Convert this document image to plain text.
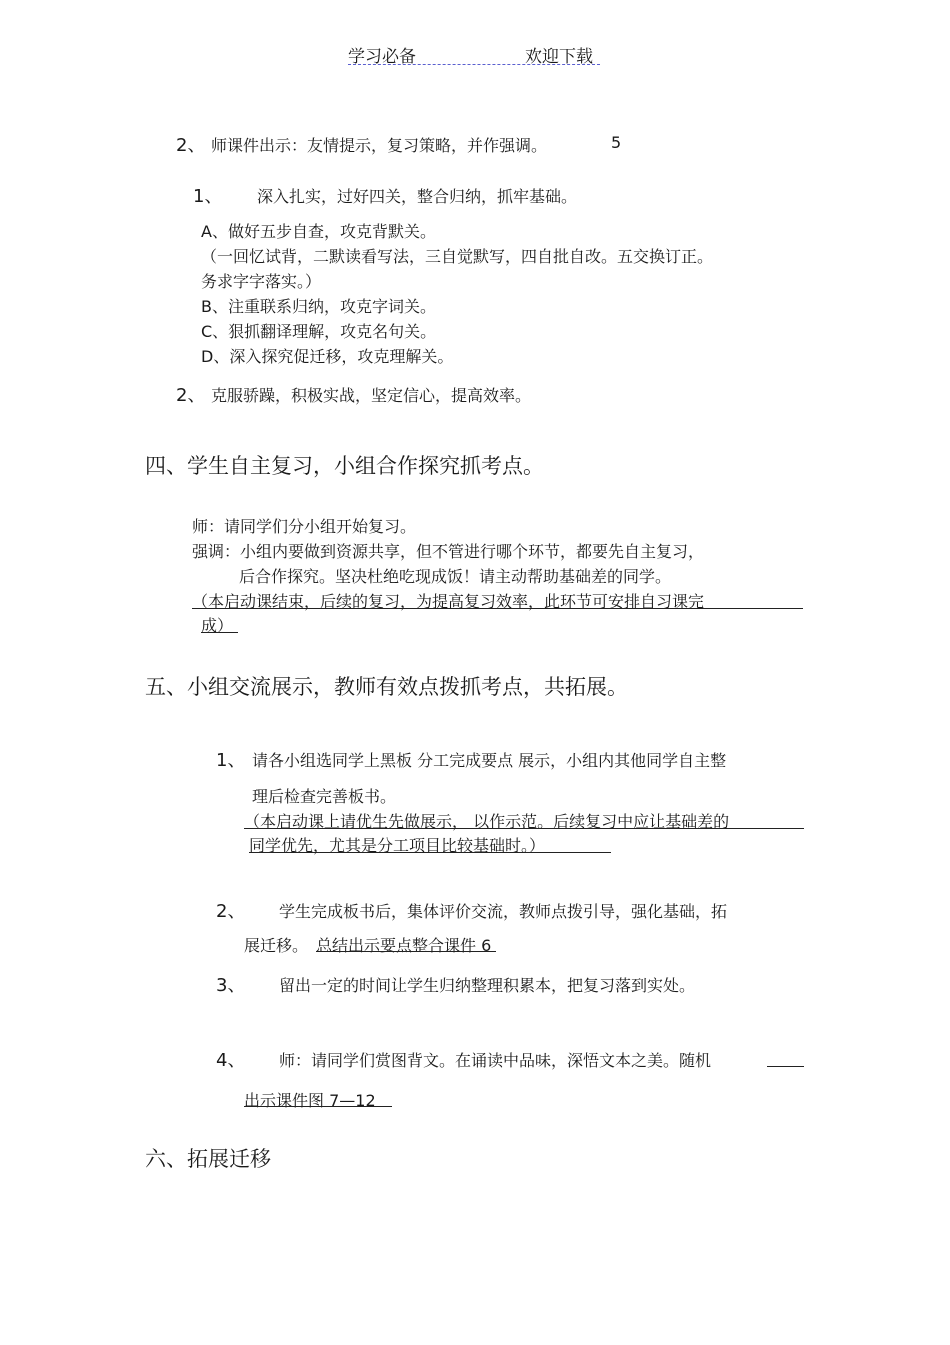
学习必备	欢迎下载
2、 师课件出示：友情提示，复习策略，并作强调。	5
1、 深入扎实，过好四关，整合归纳，抓牢基础。
A、做好五步自查，攻克背默关。
（一回忆试背，二默读看写法，三自觉默写，四自批自改。五交换订正。
务求字字落实。）
B、注重联系归纳，攻克字词关。
C、狠抓翻译理解，攻克名句关。
D、深入探究促迁移，攻克理解关。
2、 克服骄躁，积极实战，坚定信心，提高效率。
四、学生自主复习，小组合作探究抓考点。
师：请同学们分小组开始复习。
强调：小组内要做到资源共享，但不管进行哪个环节，都要先自主复习，
后合作探究。坚决杜绝吃现成饭！请主动帮助基础差的同学。
（本启动课结束，后续的复习，为提高复习效率，此环节可安排自习课完
成）
五、小组交流展示，教师有效点拨抓考点，共拓展。
1、 请各小组选同学上黑板 分工完成要点 展示，小组内其他同学自主整
理后检查完善板书。
（本启动课上请优生先做展示， 以作示范。后续复习中应让基础差的
同学优先，尤其是分工项目比较基础时。）
2、 学生完成板书后，集体评价交流，教师点拨引导，强化基础，拓
展迁移。 总结出示要点整合课件 6
3、 留出一定的时间让学生归纳整理积累本，把复习落到实处。
4、 师：请同学们赏图背文。在诵读中品味，深悟文本之美。随机
出示课件图 7—12
六、拓展迁移
